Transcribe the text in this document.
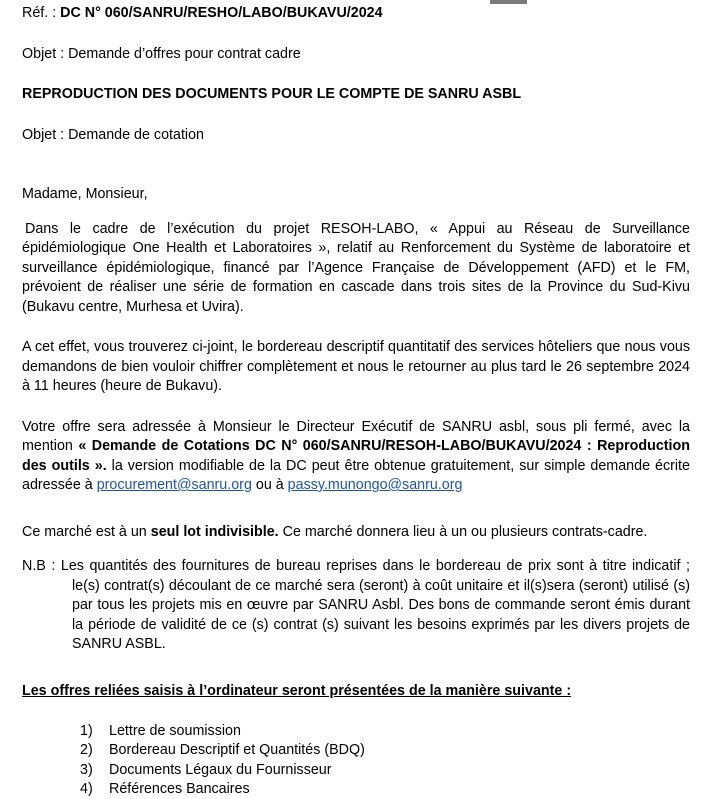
Réf. : DC N° 060/SANRU/RESHO/LABO/BUKAVU/2024

Objet : Demande d’offres pour contrat cadre

REPRODUCTION DES DOCUMENTS POUR LE COMPTE DE SANRU ASBL

Objet : Demande de cotation

Madame, Monsieur,

Dans le cadre de l’exécution du projet RESOH-LABO, « Appui au Réseau de Surveillance épidémiologique One Health et Laboratoires », relatif au Renforcement du Système de laboratoire et surveillance épidémiologique, financé par l’Agence Française de Développement (AFD) et le FM, prévoient de réaliser une série de formation en cascade dans trois sites de la Province du Sud-Kivu (Bukavu centre, Murhesa et Uvira).

A cet effet, vous trouverez ci-joint, le bordereau descriptif quantitatif des services hôteliers que nous vous demandons de bien vouloir chiffrer complètement et nous le retourner au plus tard le 26 septembre 2024 à 11 heures (heure de Bukavu).

Votre offre sera adressée à Monsieur le Directeur Exécutif de SANRU asbl, sous pli fermé, avec la mention « Demande de Cotations DC N° 060/SANRU/RESOH-LABO/BUKAVU/2024 : Reproduction des outils ». la version modifiable de la DC peut être obtenue gratuitement, sur simple demande écrite adressée à procurement@sanru.org ou à passy.munongo@sanru.org

Ce marché est à un seul lot indivisible. Ce marché donnera lieu à un ou plusieurs contrats-cadre.

N.B : Les quantités des fournitures de bureau reprises dans le bordereau de prix sont à titre indicatif ; le(s) contrat(s) découlant de ce marché sera (seront) à coût unitaire et il(s)sera (seront) utilisé (s) par tous les projets mis en œuvre par SANRU Asbl. Des bons de commande seront émis durant la période de validité de ce (s) contrat (s) suivant les besoins exprimés par les divers projets de SANRU ASBL.

Les offres reliées saisis à l’ordinateur seront présentées de la manière suivante :

1)	Lettre de soumission
2)	Bordereau Descriptif et Quantités (BDQ)
3)	Documents Légaux du Fournisseur
4)	Références Bancaires
